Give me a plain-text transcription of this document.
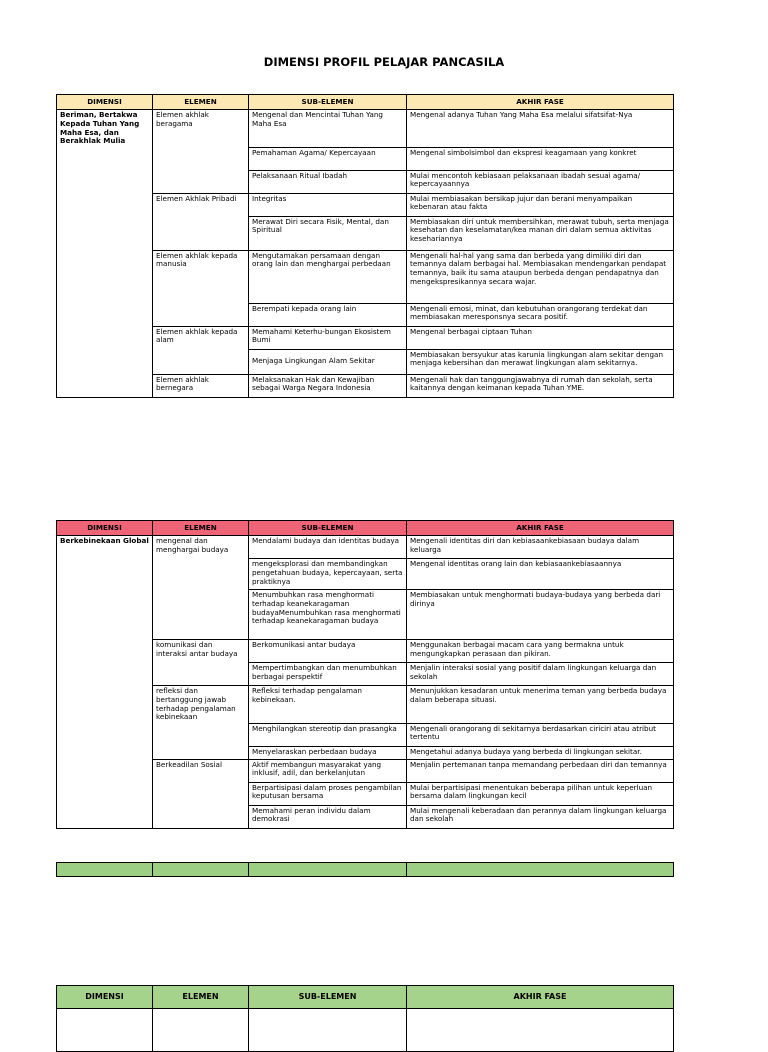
DIMENSI PROFIL PELAJAR PANCASILA
DIMENSI	ELEMEN	SUB-ELEMEN	AKHIR FASE
Beriman, Bertakwa Kepada Tuhan Yang Maha Esa, dan Berakhlak Mulia	Elemen akhlak beragama	Mengenal dan Mencintai Tuhan Yang Maha Esa	Mengenal adanya Tuhan Yang Maha Esa melalui sifatsifat-Nya
		Pemahaman Agama/ Kepercayaan	Mengenal simbolsimbol dan ekspresi keagamaan yang konkret
		Pelaksanaan Ritual Ibadah	Mulai mencontoh kebiasaan pelaksanaan ibadah sesuai agama/ kepercayaannya
	Elemen Akhlak Pribadi	Integritas	Mulai membiasakan bersikap jujur dan berani menyampaikan kebenaran atau fakta
		Merawat Diri secara Fisik, Mental, dan Spiritual	Membiasakan diri untuk membersihkan, merawat tubuh, serta menjaga kesehatan dan keselamatan/kea manan diri dalam semua aktivitas kesehariannya
	Elemen akhlak kepada manusia	Mengutamakan persamaan dengan orang lain dan menghargai perbedaan	Mengenali hal-hal yang sama dan berbeda yang dimiliki diri dan temannya dalam berbagai hal. Membiasakan mendengarkan pendapat temannya, baik itu sama ataupun berbeda dengan pendapatnya dan mengekspresikannya secara wajar.
		Berempati kepada orang lain	Mengenali emosi, minat, dan kebutuhan orangorang terdekat dan membiasakan meresponsnya secara positif.
	Elemen akhlak kepada alam	Memahami Keterhu-bungan Ekosistem Bumi	Mengenal berbagai ciptaan Tuhan
		Menjaga Lingkungan Alam Sekitar	Membiasakan bersyukur atas karunia lingkungan alam sekitar dengan menjaga kebersihan dan merawat lingkungan alam sekitarnya.
	Elemen akhlak bernegara	Melaksanakan Hak dan Kewajiban sebagai Warga Negara Indonesia	Mengenali hak dan tanggungjawabnya di rumah dan sekolah, serta kaitannya dengan keimanan kepada Tuhan YME.
DIMENSI	ELEMEN	SUB-ELEMEN	AKHIR FASE
Berkebinekaan Global	mengenal dan menghargai budaya	Mendalami budaya dan identitas budaya	Mengenali identitas diri dan kebiasaankebiasaan budaya dalam keluarga
		mengeksplorasi dan membandingkan pengetahuan budaya, kepercayaan, serta praktiknya	Mengenal identitas orang lain dan kebiasaankebiasaannya
		Menumbuhkan rasa menghormati terhadap keanekaragaman budayaMenumbuhkan rasa menghormati terhadap keanekaragaman budaya	Membiasakan untuk menghormati budaya-budaya yang berbeda dari dirinya
	komunikasi dan interaksi antar budaya	Berkomunikasi antar budaya	Menggunakan berbagai macam cara yang bermakna untuk mengungkapkan perasaan dan pikiran.
		Mempertimbangkan dan menumbuhkan berbagai perspektif	Menjalin interaksi sosial yang positif dalam lingkungan keluarga dan sekolah
	refleksi dan bertanggung jawab terhadap pengalaman kebinekaan	Refleksi terhadap pengalaman kebinekaan.	Menunjukkan kesadaran untuk menerima teman yang berbeda budaya dalam beberapa situasi.
		Menghilangkan stereotip dan prasangka	Mengenali orangorang di sekitarnya berdasarkan ciriciri atau atribut tertentu
		Menyelaraskan perbedaan budaya	Mengetahui adanya budaya yang berbeda di lingkungan sekitar.
	Berkeadilan Sosial	Aktif membangun masyarakat yang inklusif, adil, dan berkelanjutan	Menjalin pertemanan tanpa memandang perbedaan diri dan temannya
		Berpartisipasi dalam proses pengambilan keputusan bersama	Mulai berpartisipasi menentukan beberapa pilihan untuk keperluan bersama dalam lingkungan kecil
		Memahami peran individu dalam demokrasi	Mulai mengenali keberadaan dan perannya dalam lingkungan keluarga dan sekolah

DIMENSI	ELEMEN	SUB-ELEMEN	AKHIR FASE
